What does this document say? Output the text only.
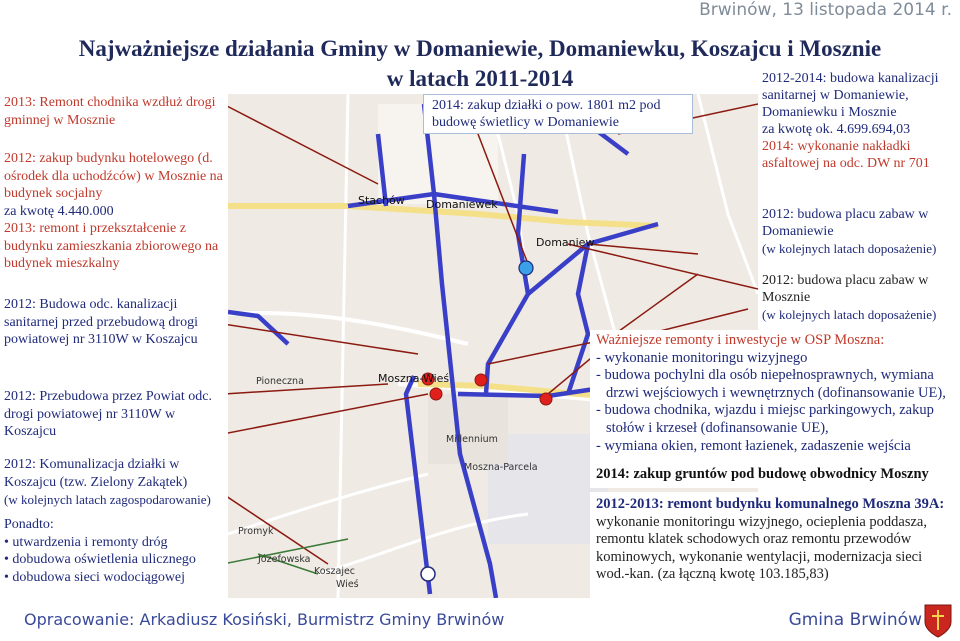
Brwinów, 13 listopada 2014 r.
Najważniejsze działania Gminy w Domaniewie, Domaniewku, Koszajcu i Mosznie
w latach 2011-2014
Stachów Domaniewek
Domaniew
Moszna-Wieś
Millennium
Moszna-Parcela
Koszajec
Wieś
Pioneczna
Promyk
Józefowska
2013: Remont chodnika wzdłuż drogi gminnej w Mosznie
2012: zakup budynku hotelowego (d. ośrodek dla uchodźców) w Mosznie na budynek socjalny
za kwotę 4.440.000
2013: remont i przekształcenie z budynku zamieszkania zbiorowego na budynek mieszkalny
2012: Budowa odc. kanalizacji sanitarnej przed przebudową drogi powiatowej nr 3110W w Koszajcu
2012: Przebudowa przez Powiat odc. drogi powiatowej nr 3110W w Koszajcu
2012: Komunalizacja działki w Koszajcu (tzw. Zielony Zakątek)
(w kolejnych latach zagospodarowanie)
Ponadto:
• utwardzenia i remonty dróg
• dobudowa oświetlenia ulicznego
• dobudowa sieci wodociągowej
2014: zakup działki o pow. 1801 m2 pod budowę świetlicy w Domaniewie
2012-2014: budowa kanalizacji sanitarnej w Domaniewie, Domaniewku i Mosznie
za kwotę ok. 4.699.694,03
2014: wykonanie nakładki asfaltowej na odc. DW nr 701
2012: budowa placu zabaw w Domaniewie
(w kolejnych latach doposażenie)
2012: budowa placu zabaw w Mosznie
(w kolejnych latach doposażenie)
Ważniejsze remonty i inwestycje w OSP Moszna:
- wykonanie monitoringu wizyjnego
- budowa pochylni dla osób niepełnosprawnych, wymiana
drzwi wejściowych i wewnętrznych (dofinansowanie UE),
- budowa chodnika, wjazdu i miejsc parkingowych, zakup
stołów i krzeseł (dofinansowanie UE),
- wymiana okien, remont łazienek, zadaszenie wejścia
2014: zakup gruntów pod budowę obwodnicy Moszny
2012-2013: remont budynku komunalnego Moszna 39A:
wykonanie monitoringu wizyjnego, ocieplenia poddasza, remontu klatek schodowych oraz remontu przewodów kominowych, wykonanie wentylacji, modernizacja sieci wod.-kan. (za łączną kwotę 103.185,83)
Opracowanie: Arkadiusz Kosiński, Burmistrz Gminy Brwinów	Gmina Brwinów
